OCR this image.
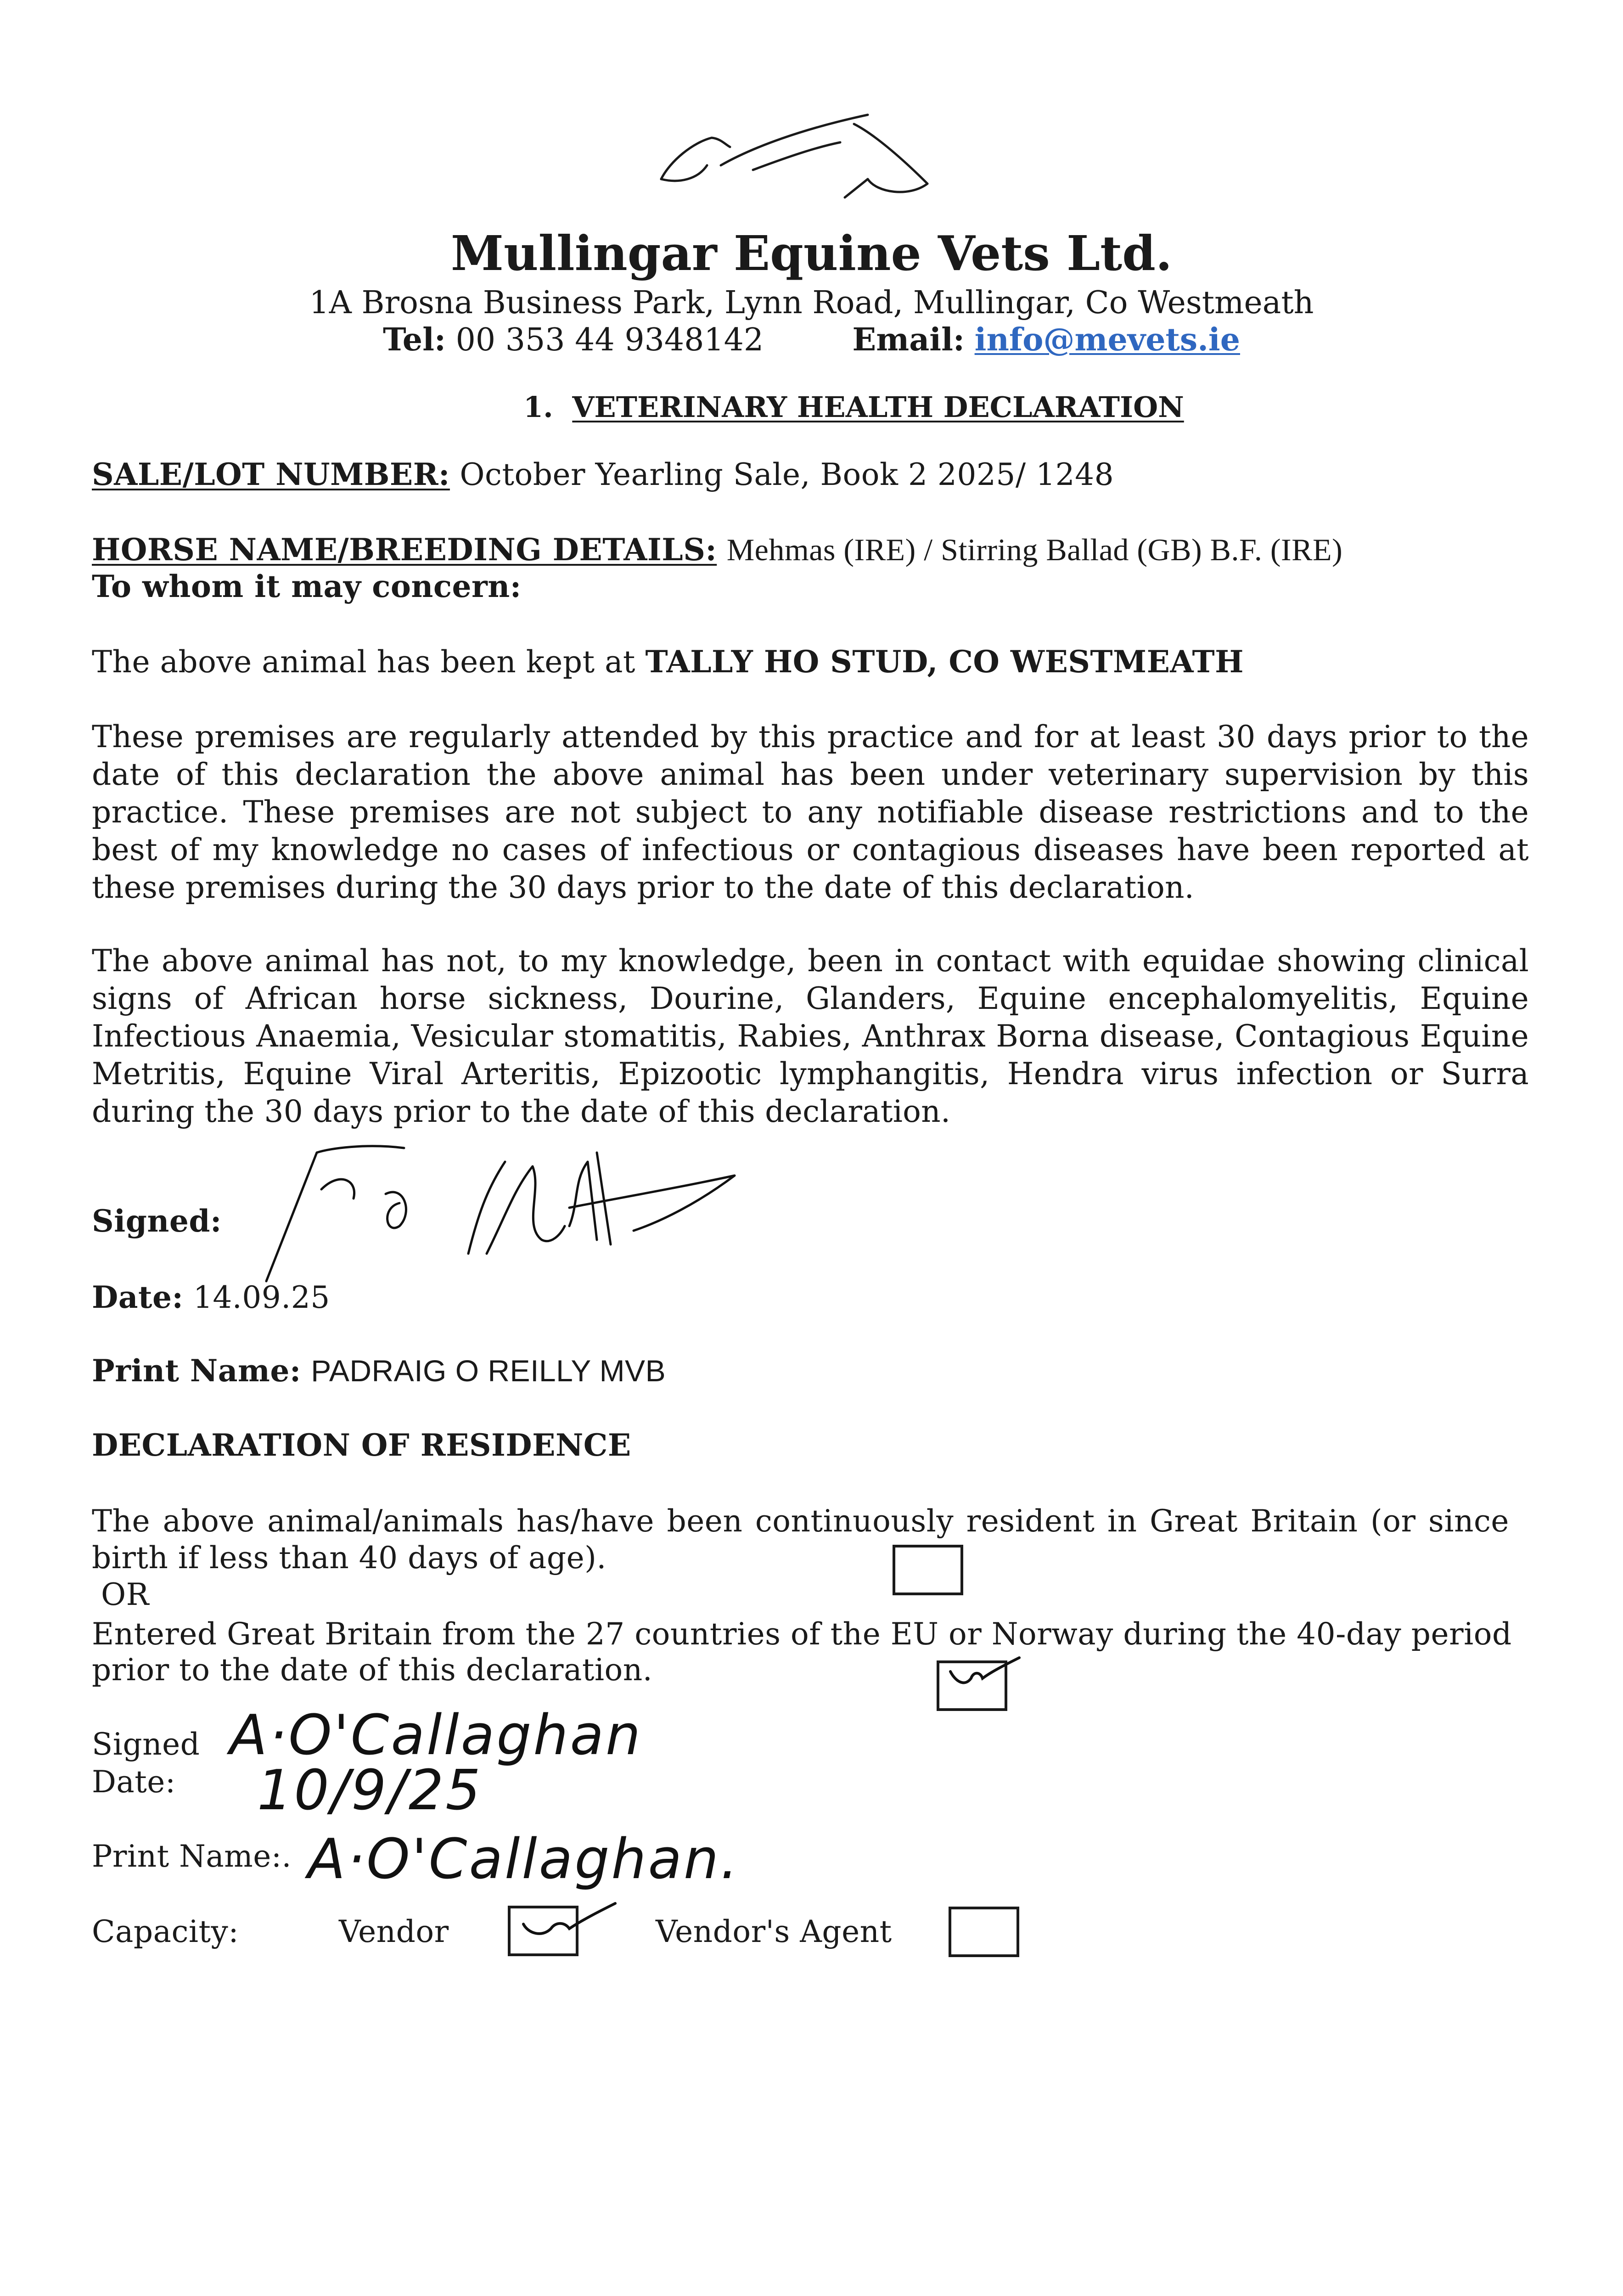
Mullingar Equine Vets Ltd.
1A Brosna Business Park, Lynn Road, Mullingar, Co Westmeath
Tel: 00 353 44 9348142	Email: info@mevets.ie
1. VETERINARY HEALTH DECLARATION
SALE/LOT NUMBER: October Yearling Sale, Book 2 2025/ 1248
HORSE NAME/BREEDING DETAILS: Mehmas (IRE) / Stirring Ballad (GB) B.F. (IRE)
To whom it may concern:
The above animal has been kept at TALLY HO STUD, CO WESTMEATH

These premises are regularly attended by this practice and for at least 30 days prior to the date of this declaration the above animal has been under veterinary supervision by this practice. These premises are not subject to any notifiable disease restrictions and to the best of my knowledge no cases of infectious or contagious diseases have been reported at these premises during the 30 days prior to the date of this declaration.

The above animal has not, to my knowledge, been in contact with equidae showing clinical signs of African horse sickness, Dourine, Glanders, Equine encephalomyelitis, Equine Infectious Anaemia, Vesicular stomatitis, Rabies, Anthrax Borna disease, Contagious Equine Metritis, Equine Viral Arteritis, Epizootic lymphangitis, Hendra virus infection or Surra during the 30 days prior to the date of this declaration.

Signed:
Date: 14.09.25
Print Name: PADRAIG O REILLY MVB
DECLARATION OF RESIDENCE
The above animal/animals has/have been continuously resident in Great Britain (or since
birth if less than 40 days of age).
OR
Entered Great Britain from the 27 countries of the EU or Norway during the 40-day period
prior to the date of this declaration.
Signed A·O'Callaghan
Date: 10/9/25
Print Name:. A·O'Callaghan.
Capacity:	Vendor	Vendor's Agent
